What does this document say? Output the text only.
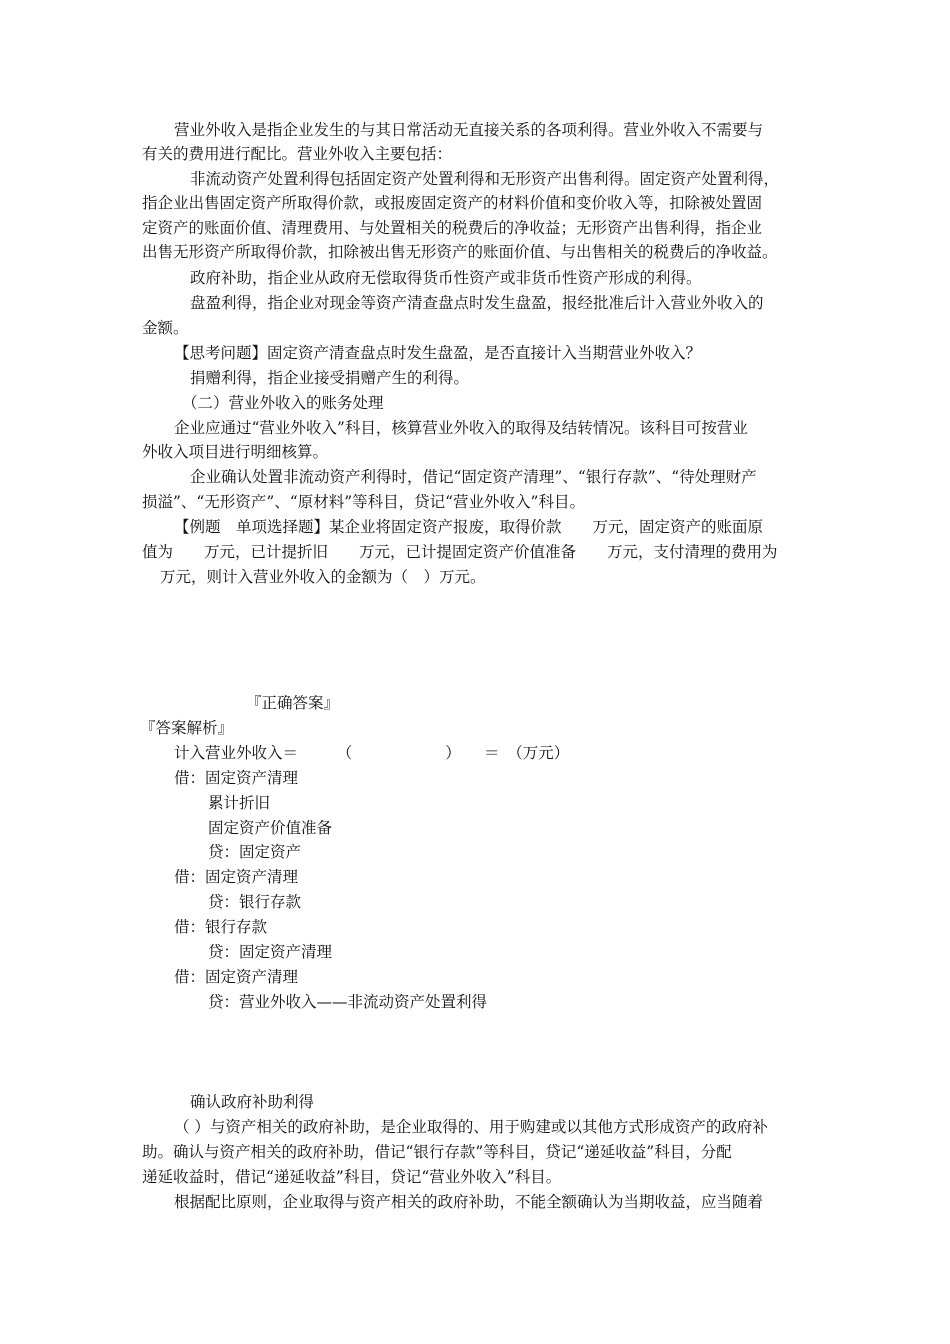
营业外收入是指企业发生的与其日常活动无直接关系的各项利得。营业外收入不需要与
有关的费用进行配比。营业外收入主要包括：
非流动资产处置利得包括固定资产处置利得和无形资产出售利得。固定资产处置利得，
指企业出售固定资产所取得价款，或报废固定资产的材料价值和变价收入等，扣除被处置固
定资产的账面价值、清理费用、与处置相关的税费后的净收益；无形资产出售利得，指企业
出售无形资产所取得价款，扣除被出售无形资产的账面价值、与出售相关的税费后的净收益。
政府补助，指企业从政府无偿取得货币性资产或非货币性资产形成的利得。
盘盈利得，指企业对现金等资产清查盘点时发生盘盈，报经批准后计入营业外收入的
金额。
【思考问题】固定资产清查盘点时发生盘盈，是否直接计入当期营业外收入？
捐赠利得，指企业接受捐赠产生的利得。
（二）营业外收入的账务处理
企业应通过“营业外收入”科目，核算营业外收入的取得及结转情况。该科目可按营业
外收入项目进行明细核算。
企业确认处置非流动资产利得时，借记“固定资产清理”、“银行存款”、“待处理财产
损溢”、“无形资产”、“原材料”等科目，贷记“营业外收入”科目。
【例题　单项选择题】某企业将固定资产报废，取得价款　　万元，固定资产的账面原
值为　　万元，已计提折旧　　万元，已计提固定资产价值准备　　万元，支付清理的费用为
万元，则计入营业外收入的金额为（　）万元。
『正确答案』
『答案解析』
计入营业外收入＝　　　（　　　　　　）　　＝　（万元）
借：固定资产清理
累计折旧
固定资产价值准备
贷：固定资产
借：固定资产清理
贷：银行存款
借：银行存款
贷：固定资产清理
借：固定资产清理
贷：营业外收入——非流动资产处置利得
确认政府补助利得
（ ）与资产相关的政府补助，是企业取得的、用于购建或以其他方式形成资产的政府补
助。确认与资产相关的政府补助，借记“银行存款”等科目，贷记“递延收益”科目，分配
递延收益时，借记“递延收益”科目，贷记“营业外收入”科目。
根据配比原则，企业取得与资产相关的政府补助，不能全额确认为当期收益，应当随着
